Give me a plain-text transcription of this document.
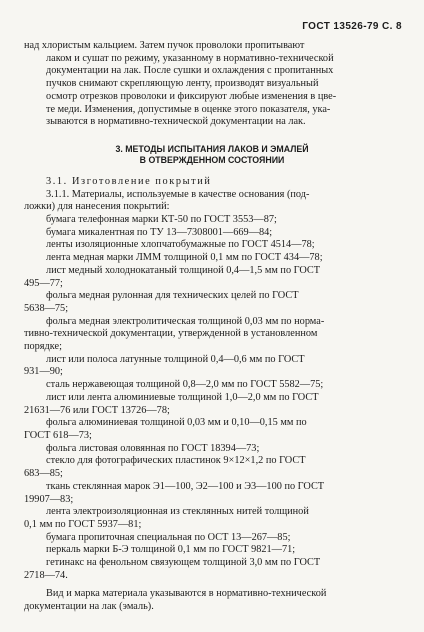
ГОСТ 13526-79 С. 8
над хлористым кальцием. Затем пучок проволоки пропитывают
лаком и сушат по режиму, указанному в нормативно-технической
документации на лак. После сушки и охлаждения с пропитанных
пучков снимают скрепляющую ленту, производят визуальный
осмотр отрезков проволоки и фиксируют любые изменения в цве-
те меди. Изменения, допустимые в оценке этого показателя, ука-
зываются в нормативно-технической документации на лак.
3. МЕТОДЫ ИСПЫТАНИЯ ЛАКОВ И ЭМАЛЕЙ
В ОТВЕРЖДЕННОМ СОСТОЯНИИ
3.1. Изготовление покрытий
3.1.1. Материалы, используемые в качестве основания (под-
ложки) для нанесения покрытий:
бумага телефонная марки КТ-50 по ГОСТ 3553—87;
бумага микалентная по ТУ 13—7308001—669—84;
ленты изоляционные хлопчатобумажные по ГОСТ 4514—78;
лента медная марки ЛММ толщиной 0,1 мм по ГОСТ 434—78;
лист медный холоднокатаный толщиной 0,4—1,5 мм по ГОСТ
495—77;
фольга медная рулонная для технических целей по ГОСТ
5638—75;
фольга медная электролитическая толщиной 0,03 мм по норма-
тивно-технической документации, утвержденной в установленном
порядке;
лист или полоса латунные толщиной 0,4—0,6 мм по ГОСТ
931—90;
сталь нержавеющая толщиной 0,8—2,0 мм по ГОСТ 5582—75;
лист или лента алюминиевые толщиной 1,0—2,0 мм по ГОСТ
21631—76 или ГОСТ 13726—78;
фольга алюминиевая толщиной 0,03 мм и 0,10—0,15 мм по
ГОСТ 618—73;
фольга листовая оловянная по ГОСТ 18394—73;
стекло для фотографических пластинок 9×12×1,2 по ГОСТ
683—85;
ткань стеклянная марок Э1—100, Э2—100 и Э3—100 по ГОСТ
19907—83;
лента электроизоляционная из стеклянных нитей толщиной
0,1 мм по ГОСТ 5937—81;
бумага пропиточная специальная по ОСТ 13—267—85;
перкаль марки Б-Э толщиной 0,1 мм по ГОСТ 9821—71;
гетинакс на фенольном связующем толщиной 3,0 мм по ГОСТ
2718—74.
Вид и марка материала указываются в нормативно-технической
документации на лак (эмаль).
